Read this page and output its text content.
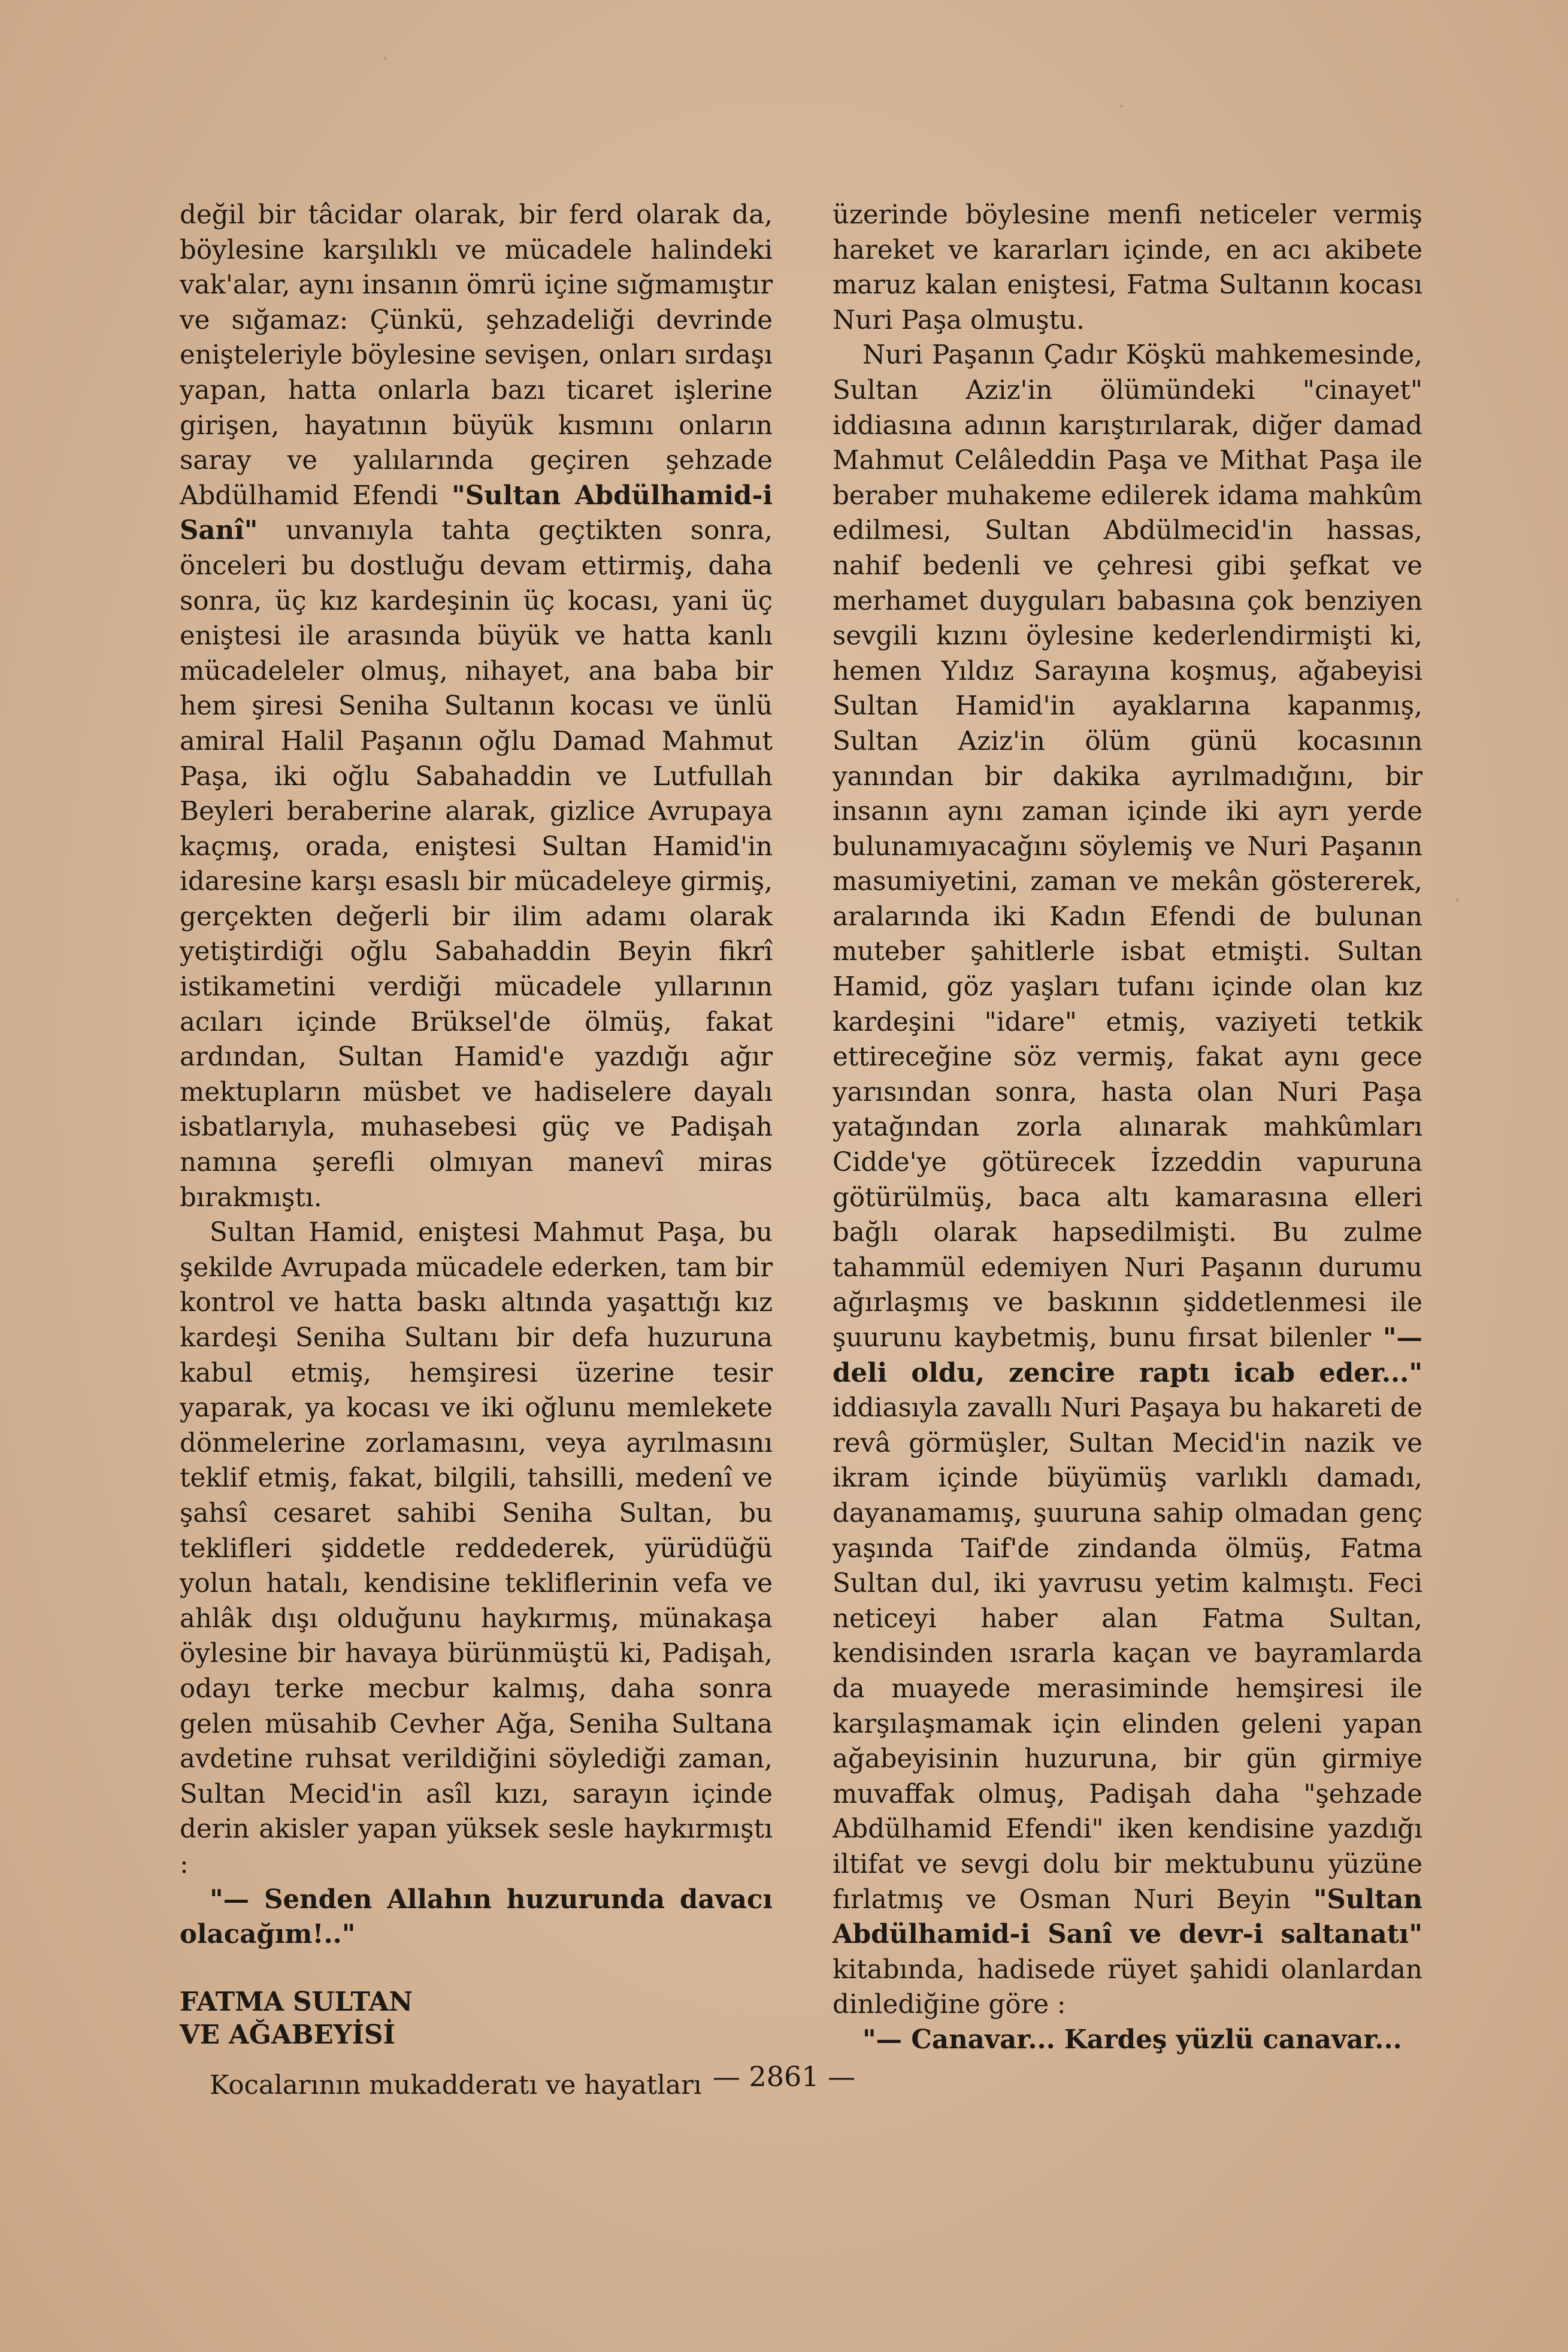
değil bir tâcidar olarak, bir ferd olarak da, böylesine karşılıklı ve mücadele halindeki vak'alar, aynı insanın ömrü içine sığmamıştır ve sığamaz: Çünkü, şehzadeliği devrinde enişteleriyle böylesine sevişen, onları sırdaşı yapan, hatta onlarla bazı ticaret işlerine girişen, hayatının büyük kısmını onların saray ve yalılarında geçiren şehzade Abdülhamid Efendi "Sultan Abdülhamid-i Sanî" unvanıyla tahta geçtikten sonra, önceleri bu dostluğu devam ettirmiş, daha sonra, üç kız kardeşinin üç kocası, yani üç eniştesi ile arasında büyük ve hatta kanlı mücadeleler olmuş, nihayet, ana baba bir hem şiresi Seniha Sultanın kocası ve ünlü amiral Halil Paşanın oğlu Damad Mahmut Paşa, iki oğlu Sabahaddin ve Lutfullah Beyleri beraberine alarak, gizlice Avrupaya kaçmış, orada, eniştesi Sultan Hamid'in idaresine karşı esaslı bir mücadeleye girmiş, gerçekten değerli bir ilim adamı olarak yetiştirdiği oğlu Sabahaddin Beyin fikrî istikametini verdiği mücadele yıllarının acıları içinde Brüksel'de ölmüş, fakat ardından, Sultan Hamid'e yazdığı ağır mektupların müsbet ve hadiselere dayalı isbatlarıyla, muhasebesi güç ve Padişah namına şerefli olmıyan manevî miras bırakmıştı.

Sultan Hamid, eniştesi Mahmut Paşa, bu şekilde Avrupada mücadele ederken, tam bir kontrol ve hatta baskı altında yaşattığı kız kardeşi Seniha Sultanı bir defa huzuruna kabul etmiş, hemşiresi üzerine tesir yaparak, ya kocası ve iki oğlunu memlekete dönmelerine zorlamasını, veya ayrılmasını teklif etmiş, fakat, bilgili, tahsilli, medenî ve şahsî cesaret sahibi Seniha Sultan, bu teklifleri şiddetle reddederek, yürüdüğü yolun hatalı, kendisine tekliflerinin vefa ve ahlâk dışı olduğunu haykırmış, münakaşa öylesine bir havaya bürünmüştü ki, Padişah, odayı terke mecbur kalmış, daha sonra gelen müsahib Cevher Ağa, Seniha Sultana avdetine ruhsat verildiğini söylediği zaman, Sultan Mecid'in asîl kızı, sarayın içinde derin akisler yapan yüksek sesle haykırmıştı :

"— Senden Allahın huzurunda davacı olacağım!.."

FATMA SULTAN
VE AĞABEYİSİ

Kocalarının mukadderatı ve hayatları

üzerinde böylesine menfi neticeler vermiş hareket ve kararları içinde, en acı akibete maruz kalan eniştesi, Fatma Sultanın kocası Nuri Paşa olmuştu.

Nuri Paşanın Çadır Köşkü mahkemesinde, Sultan Aziz'in ölümündeki "cinayet" iddiasına adının karıştırılarak, diğer damad Mahmut Celâleddin Paşa ve Mithat Paşa ile beraber muhakeme edilerek idama mahkûm edilmesi, Sultan Abdülmecid'in hassas, nahif bedenli ve çehresi gibi şefkat ve merhamet duyguları babasına çok benziyen sevgili kızını öylesine kederlendirmişti ki, hemen Yıldız Sarayına koşmuş, ağabeyisi Sultan Hamid'in ayaklarına kapanmış, Sultan Aziz'in ölüm günü kocasının yanından bir dakika ayrılmadığını, bir insanın aynı zaman içinde iki ayrı yerde bulunamıyacağını söylemiş ve Nuri Paşanın masumiyetini, zaman ve mekân göstererek, aralarında iki Kadın Efendi de bulunan muteber şahitlerle isbat etmişti. Sultan Hamid, göz yaşları tufanı içinde olan kız kardeşini "idare" etmiş, vaziyeti tetkik ettireceğine söz vermiş, fakat aynı gece yarısından sonra, hasta olan Nuri Paşa yatağından zorla alınarak mahkûmları Cidde'ye götürecek İzzeddin vapuruna götürülmüş, baca altı kamarasına elleri bağlı olarak hapsedilmişti. Bu zulme tahammül edemiyen Nuri Paşanın durumu ağırlaşmış ve baskının şiddetlenmesi ile şuurunu kaybetmiş, bunu fırsat bilenler "— deli oldu, zencire raptı icab eder..." iddiasıyla zavallı Nuri Paşaya bu hakareti de revâ görmüşler, Sultan Mecid'in nazik ve ikram içinde büyümüş varlıklı damadı, dayanamamış, şuuruna sahip olmadan genç yaşında Taif'de zindanda ölmüş, Fatma Sultan dul, iki yavrusu yetim kalmıştı. Feci neticeyi haber alan Fatma Sultan, kendisinden ısrarla kaçan ve bayramlarda da muayede merasiminde hemşiresi ile karşılaşmamak için elinden geleni yapan ağabeyisinin huzuruna, bir gün girmiye muvaffak olmuş, Padişah daha "şehzade Abdülhamid Efendi" iken kendisine yazdığı iltifat ve sevgi dolu bir mektubunu yüzüne fırlatmış ve Osman Nuri Beyin "Sultan Abdülhamid-i Sanî ve devr-i saltanatı" kitabında, hadisede rüyet şahidi olanlardan dinlediğine göre :

"— Canavar... Kardeş yüzlü canavar...

— 2861 —
